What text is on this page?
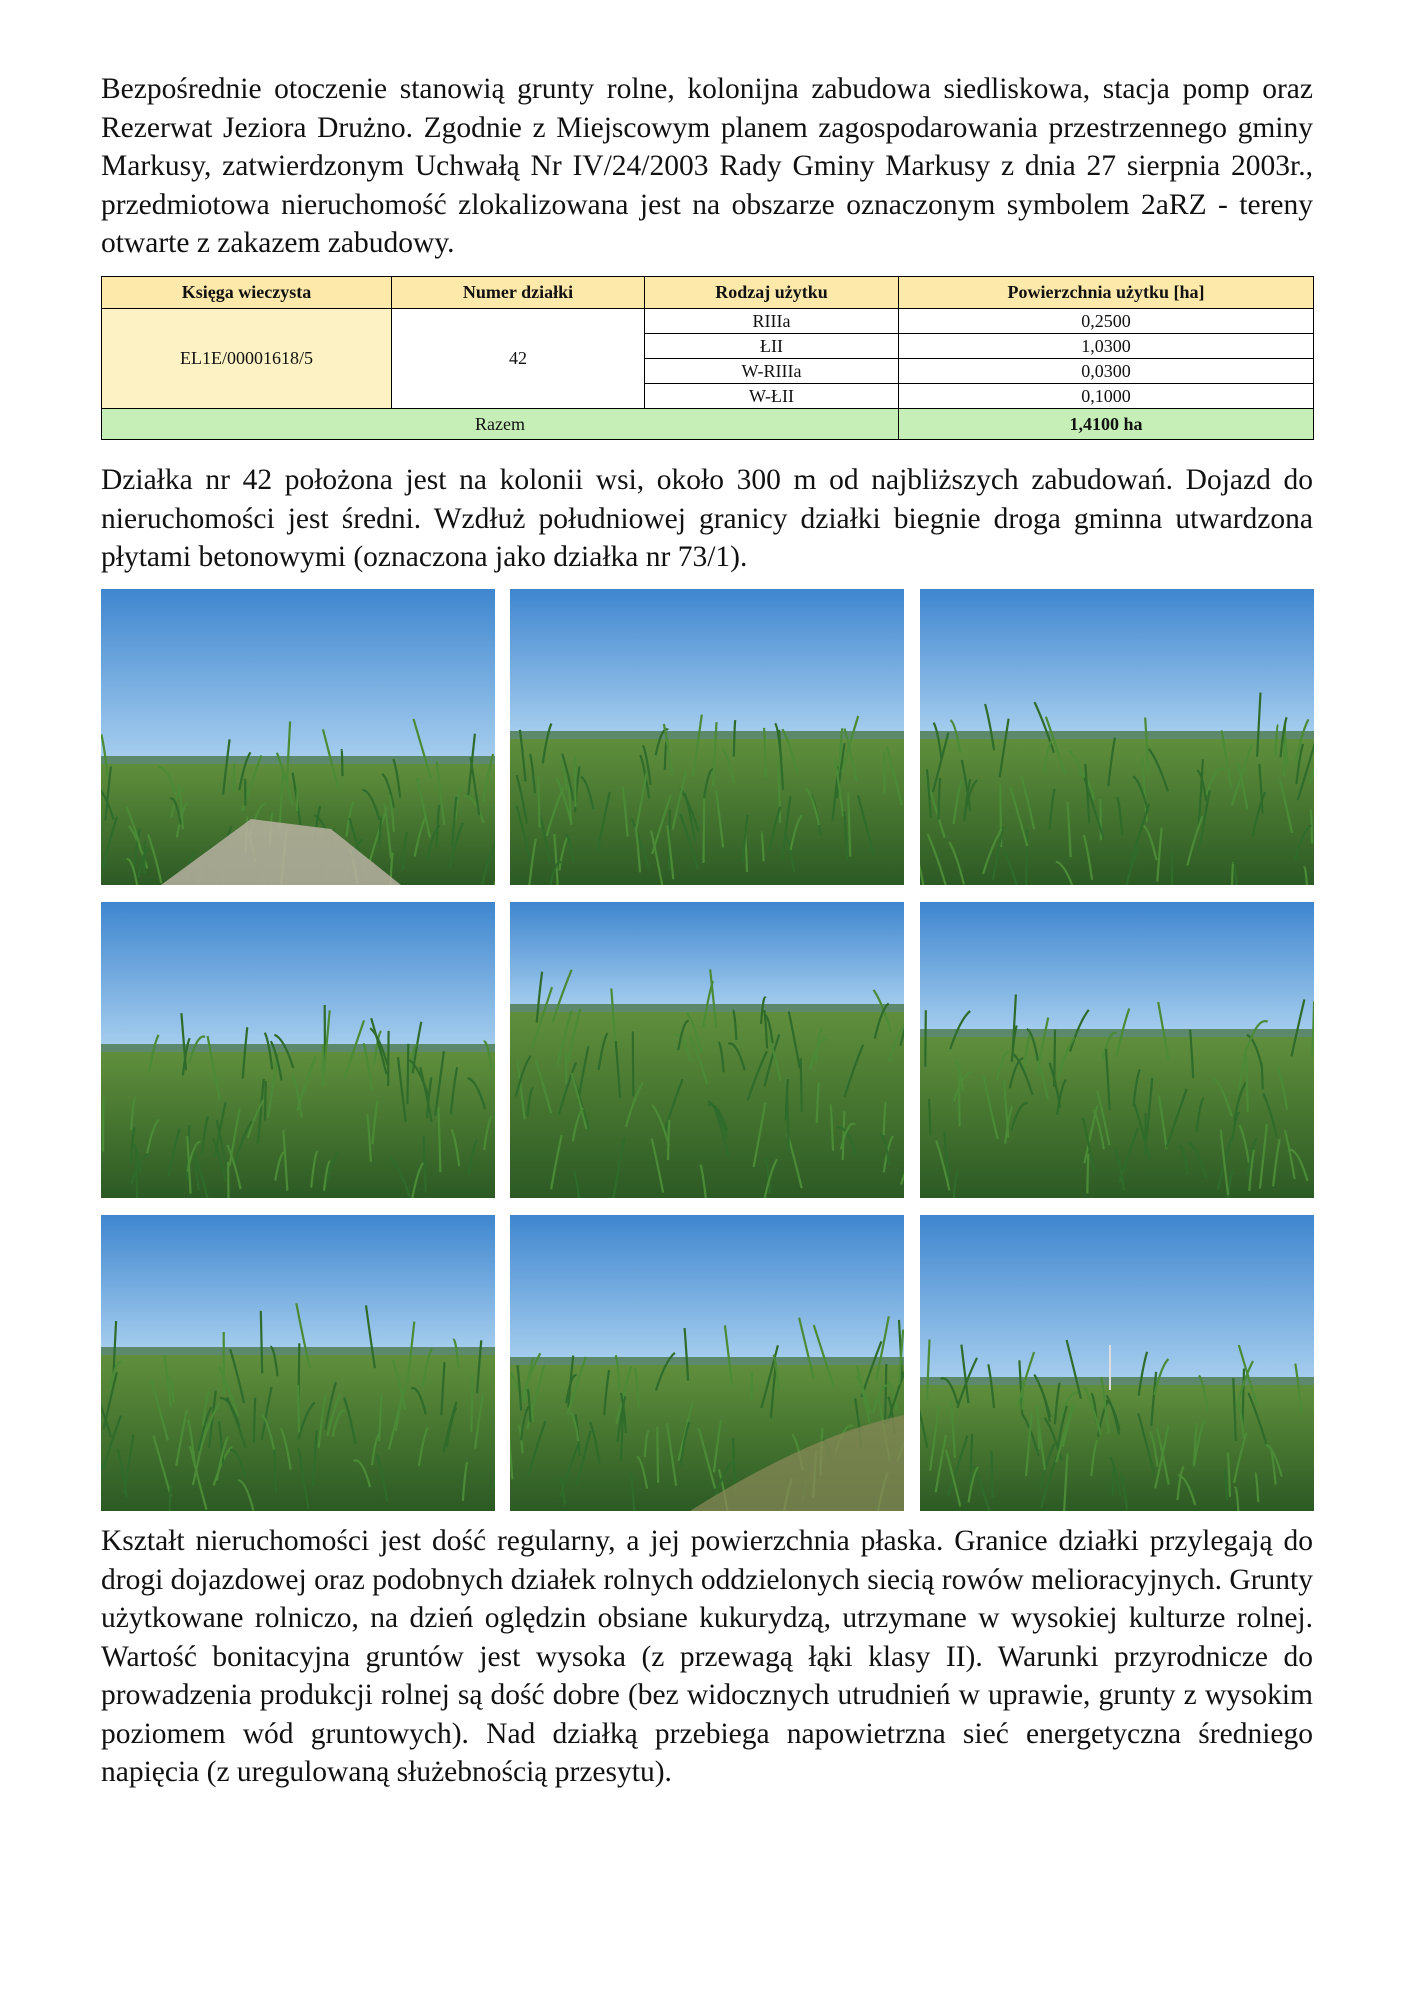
Bezpośrednie otoczenie stanowią grunty rolne, kolonijna zabudowa siedliskowa, stacja pomp oraz Rezerwat Jeziora Drużno. Zgodnie z Miejscowym planem zagospodarowania przestrzennego gminy Markusy, zatwierdzonym Uchwałą Nr IV/24/2003 Rady Gminy Markusy z dnia 27 sierpnia 2003r., przedmiotowa nieruchomość zlokalizowana jest na obszarze oznaczonym symbolem 2aRZ - tereny otwarte z zakazem zabudowy.

Księga wieczysta	Numer działki	Rodzaj użytku	Powierzchnia użytku [ha]
EL1E/00001618/5	42	RIIIa	0,2500
		ŁII	1,0300
		W-RIIIa	0,0300
		W-ŁII	0,1000
Razem			1,4100 ha

Działka nr 42 położona jest na kolonii wsi, około 300 m od najbliższych zabudowań. Dojazd do nieruchomości jest średni. Wzdłuż południowej granicy działki biegnie droga gminna utwardzona płytami betonowymi (oznaczona jako działka nr 73/1).

Kształt nieruchomości jest dość regularny, a jej powierzchnia płaska. Granice działki przylegają do drogi dojazdowej oraz podobnych działek rolnych oddzielonych siecią rowów melioracyjnych. Grunty użytkowane rolniczo, na dzień oględzin obsiane kukurydzą, utrzymane w wysokiej kulturze rolnej. Wartość bonitacyjna gruntów jest wysoka (z przewagą łąki klasy II). Warunki przyrodnicze do prowadzenia produkcji rolnej są dość dobre (bez widocznych utrudnień w uprawie, grunty z wysokim poziomem wód gruntowych). Nad działką przebiega napowietrzna sieć energetyczna średniego napięcia (z uregulowaną służebnością przesytu).
